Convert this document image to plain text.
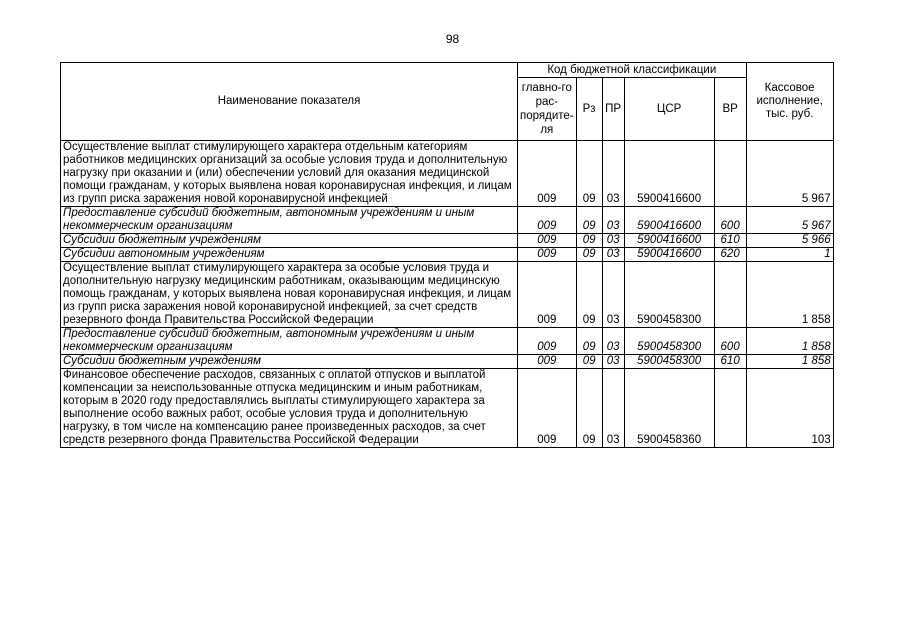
98
Наименование показателя	Код бюджетной классификации					Кассовое исполнение, тыс. руб.
	главно-го рас-порядите-ля	Рз	ПР	ЦСР	ВР	
Осуществление выплат стимулирующего характера отдельным категориям работников медицинских организаций за особые условия труда и дополнительную нагрузку при оказании и (или) обеспечении условий для оказания медицинской помощи гражданам, у которых выявлена новая коронавирусная инфекция, и лицам из групп риска заражения новой коронавирусной инфекцией	009	09	03	5900416600		5 967
Предоставление субсидий бюджетным, автономным учреждениям и иным некоммерческим организациям	009	09	03	5900416600	600	5 967
Субсидии бюджетным учреждениям	009	09	03	5900416600	610	5 966
Субсидии автономным учреждениям	009	09	03	5900416600	620	1
Осуществление выплат стимулирующего характера за особые условия труда и дополнительную нагрузку медицинским работникам, оказывающим медицинскую помощь гражданам, у которых выявлена новая коронавирусная инфекция, и лицам из групп риска заражения новой коронавирусной инфекцией, за счет средств резервного фонда Правительства Российской Федерации	009	09	03	5900458300		1 858
Предоставление субсидий бюджетным, автономным учреждениям и иным некоммерческим организациям	009	09	03	5900458300	600	1 858
Субсидии бюджетным учреждениям	009	09	03	5900458300	610	1 858
Финансовое обеспечение расходов, связанных с оплатой отпусков и выплатой компенсации за неиспользованные отпуска медицинским и иным работникам, которым в 2020 году предоставлялись выплаты стимулирующего характера за выполнение особо важных работ, особые условия труда и дополнительную нагрузку, в том числе на компенсацию ранее произведенных расходов, за счет средств резервного фонда Правительства Российской Федерации	009	09	03	5900458360		103
